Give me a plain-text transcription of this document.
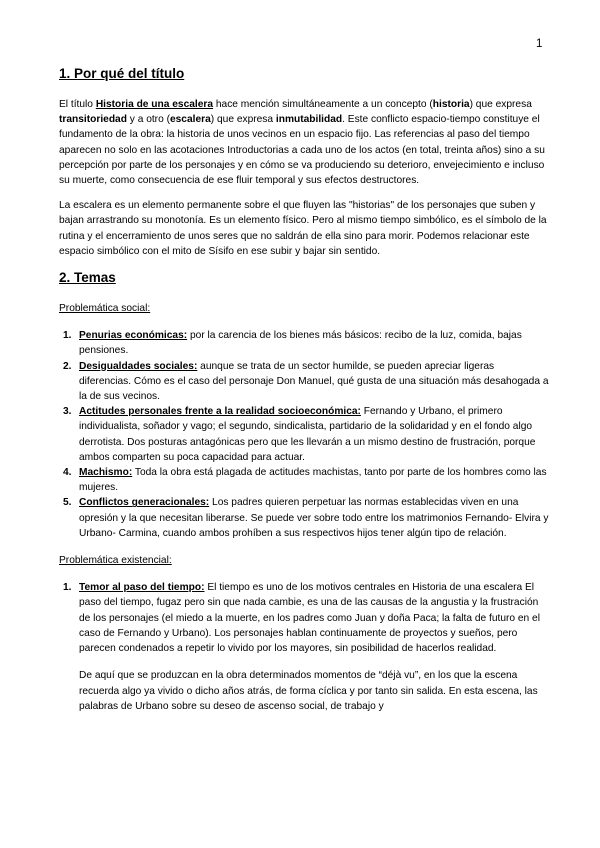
1
1. Por qué del título

El título Historia de una escalera hace mención simultáneamente a un concepto (historia) que expresa transitoriedad y a otro (escalera) que expresa inmutabilidad. Este conflicto espacio-tiempo constituye el fundamento de la obra: la historia de unos vecinos en un espacio fijo. Las referencias al paso del tiempo aparecen no solo en las acotaciones Introductorias a cada uno de los actos (en total, treinta años) sino a su percepción por parte de los personajes y en cómo se va produciendo su deterioro, envejecimiento e incluso su muerte, como consecuencia de ese fluir temporal y sus efectos destructores.

La escalera es un elemento permanente sobre el que fluyen las "historias" de los personajes que suben y bajan arrastrando su monotonía. Es un elemento físico. Pero al mismo tiempo simbólico, es el símbolo de la rutina y el encerramiento de unos seres que no saldrán de ella sino para morir. Podemos relacionar este espacio simbólico con el mito de Sísifo en ese subir y bajar sin sentido.

2. Temas
Problemática social:
1. Penurias económicas: por la carencia de los bienes más básicos: recibo de la luz, comida, bajas pensiones.
2. Desigualdades sociales: aunque se trata de un sector humilde, se pueden apreciar ligeras diferencias. Cómo es el caso del personaje Don Manuel, qué gusta de una situación más desahogada a la de sus vecinos.
3. Actitudes personales frente a la realidad socioeconómica: Fernando y Urbano, el primero individualista, soñador y vago; el segundo, sindicalista, partidario de la solidaridad y en el fondo algo derrotista. Dos posturas antagónicas pero que les llevarán a un mismo destino de frustración, porque ambos comparten su poca capacidad para actuar.
4. Machismo: Toda la obra está plagada de actitudes machistas, tanto por parte de los hombres como las mujeres.
5. Conflictos generacionales: Los padres quieren perpetuar las normas establecidas viven en una opresión y la que necesitan liberarse. Se puede ver sobre todo entre los matrimonios Fernando- Elvira y Urbano- Carmina, cuando ambos prohíben a sus respectivos hijos tener algún tipo de relación.
Problemática existencial:
1. Temor al paso del tiempo: El tiempo es uno de los motivos centrales en Historia de una escalera El paso del tiempo, fugaz pero sin que nada cambie, es una de las causas de la angustia y la frustración de los personajes (el miedo a la muerte, en los padres como Juan y doña Paca; la falta de futuro en el caso de Fernando y Urbano). Los personajes hablan continuamente de proyectos y sueños, pero parecen condenados a repetir lo vivido por los mayores, sin posibilidad de hacerlos realidad.
De aquí que se produzcan en la obra determinados momentos de “déjà vu”, en los que la escena recuerda algo ya vivido o dicho años atrás, de forma cíclica y por tanto sin salida. En esta escena, las palabras de Urbano sobre su deseo de ascenso social, de trabajo y
